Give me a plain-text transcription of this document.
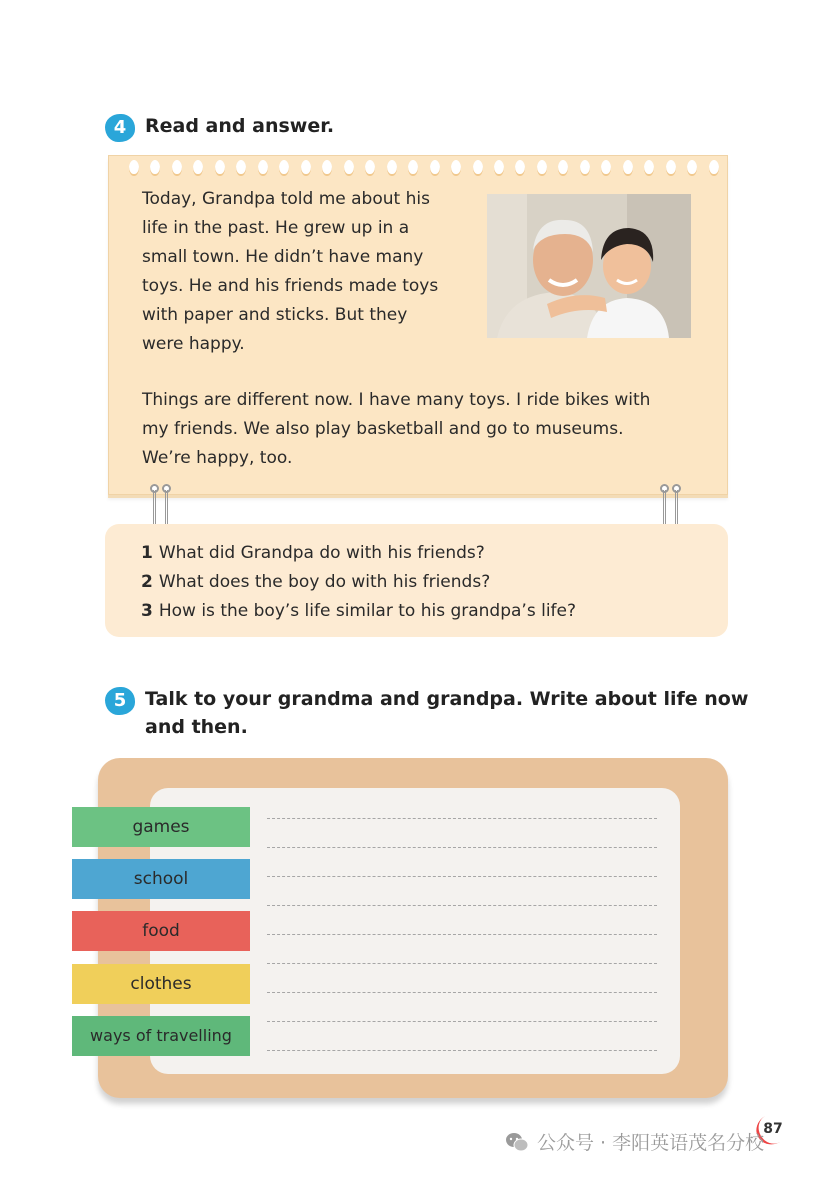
4 Read and answer.
Today, Grandpa told me about his
life in the past. He grew up in a
small town. He didn’t have many
toys. He and his friends made toys
with paper and sticks. But they
were happy.
Things are different now. I have many toys. I ride bikes with
my friends. We also play basketball and go to museums.
We’re happy, too.
1 What did Grandpa do with his friends?
2 What does the boy do with his friends?
3 How is the boy’s life similar to his grandpa’s life?
5 Talk to your grandma and grandpa. Write about life now
and then.
games
school
food
clothes
ways of travelling
87
公众号 · 李阳英语茂名分校
